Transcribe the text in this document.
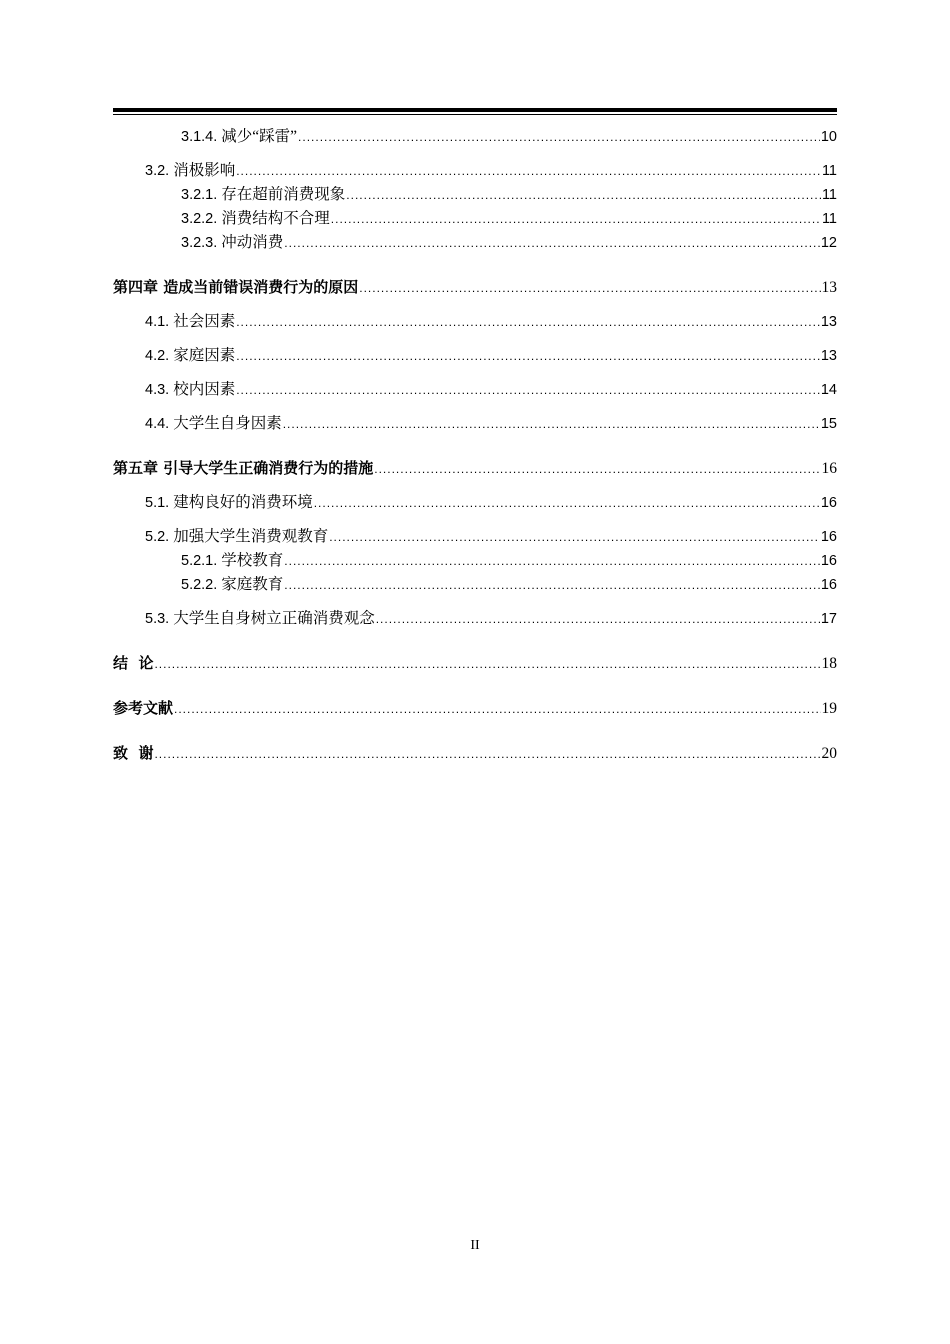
3.1.4. 减少“踩雷” .....	10
3.2. 消极影响 .....	11
3.2.1. 存在超前消费现象 .....	11
3.2.2. 消费结构不合理 .....	11
3.2.3. 冲动消费 .....	12
第四章 造成当前错误消费行为的原因 .....	13
4.1. 社会因素 .....	13
4.2. 家庭因素 .....	13
4.3. 校内因素 .....	14
4.4. 大学生自身因素 .....	15
第五章 引导大学生正确消费行为的措施 .....	16
5.1. 建构良好的消费环境 .....	16
5.2. 加强大学生消费观教育 .....	16
5.2.1. 学校教育 .....	16
5.2.2. 家庭教育 .....	16
5.3. 大学生自身树立正确消费观念 .....	17
结  论 .....	18
参考文献 .....	19
致  谢 .....	20
II
